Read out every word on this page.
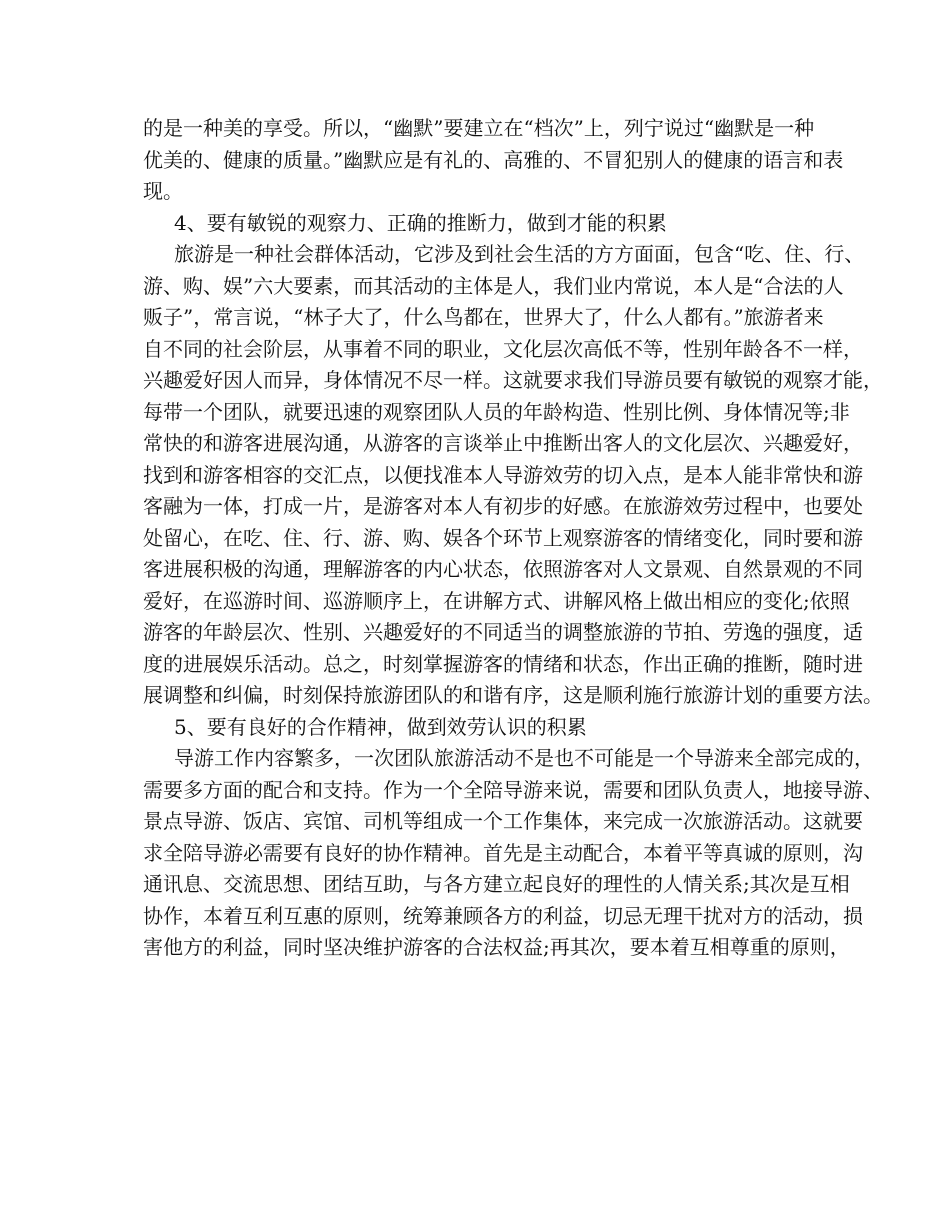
的是一种美的享受。所以，“幽默”要建立在“档次”上，列宁说过“幽默是一种
优美的、健康的质量。”幽默应是有礼的、高雅的、不冒犯别人的健康的语言和表
现。
4、要有敏锐的观察力、正确的推断力，做到才能的积累
旅游是一种社会群体活动，它涉及到社会生活的方方面面，包含“吃、住、行、
游、购、娱”六大要素，而其活动的主体是人，我们业内常说，本人是“合法的人
贩子”，常言说，“林子大了，什么鸟都在，世界大了，什么人都有。”旅游者来
自不同的社会阶层，从事着不同的职业，文化层次高低不等，性别年龄各不一样，
兴趣爱好因人而异，身体情况不尽一样。这就要求我们导游员要有敏锐的观察才能，
每带一个团队，就要迅速的观察团队人员的年龄构造、性别比例、身体情况等;非
常快的和游客进展沟通，从游客的言谈举止中推断出客人的文化层次、兴趣爱好，
找到和游客相容的交汇点，以便找准本人导游效劳的切入点，是本人能非常快和游
客融为一体，打成一片，是游客对本人有初步的好感。在旅游效劳过程中，也要处
处留心，在吃、住、行、游、购、娱各个环节上观察游客的情绪变化，同时要和游
客进展积极的沟通，理解游客的内心状态，依照游客对人文景观、自然景观的不同
爱好，在巡游时间、巡游顺序上，在讲解方式、讲解风格上做出相应的变化;依照
游客的年龄层次、性别、兴趣爱好的不同适当的调整旅游的节拍、劳逸的强度，适
度的进展娱乐活动。总之，时刻掌握游客的情绪和状态，作出正确的推断，随时进
展调整和纠偏，时刻保持旅游团队的和谐有序，这是顺利施行旅游计划的重要方法。
5、要有良好的合作精神，做到效劳认识的积累
导游工作内容繁多，一次团队旅游活动不是也不可能是一个导游来全部完成的，
需要多方面的配合和支持。作为一个全陪导游来说，需要和团队负责人，地接导游、
景点导游、饭店、宾馆、司机等组成一个工作集体，来完成一次旅游活动。这就要
求全陪导游必需要有良好的协作精神。首先是主动配合，本着平等真诚的原则，沟
通讯息、交流思想、团结互助，与各方建立起良好的理性的人情关系;其次是互相
协作，本着互利互惠的原则，统筹兼顾各方的利益，切忌无理干扰对方的活动，损
害他方的利益，同时坚决维护游客的合法权益;再其次，要本着互相尊重的原则，
